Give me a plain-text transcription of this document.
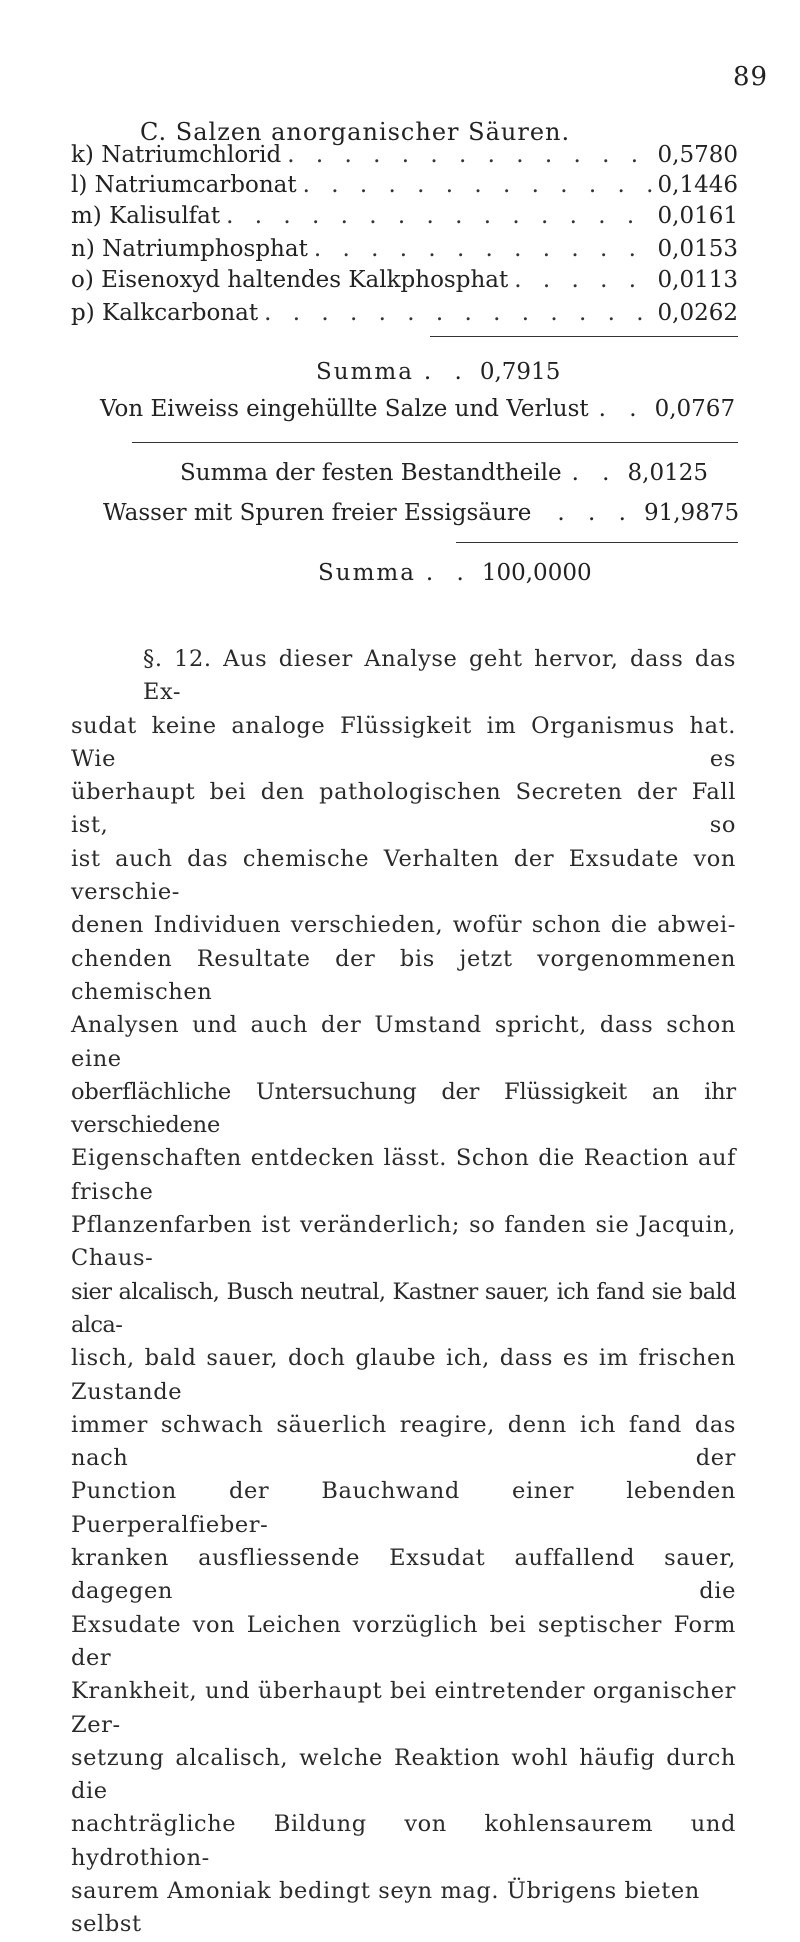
89
C. Salzen anorganischer Säuren.
k) Natriumchlorid . . .	0,5780
l) Natriumcarbonat . . .	0,1446
m) Kalisulfat . . .	0,0161
n) Natriumphosphat . . .	0,0153
o) Eisenoxyd haltendes Kalkphosphat . . .	0,0113
p) Kalkcarbonat . . .	0,0262
Summa . . 0,7915
Von Eiweiss eingehüllte Salze und Verlust . . 0,0767
Summa der festen Bestandtheile . . 8,0125
Wasser mit Spuren freier Essigsäure . . . 91,9875
Summa . . 100,0000
§. 12. Aus dieser Analyse geht hervor, dass das Ex-
sudat keine analoge Flüssigkeit im Organismus hat. Wie es
überhaupt bei den pathologischen Secreten der Fall ist, so
ist auch das chemische Verhalten der Exsudate von verschie-
denen Individuen verschieden, wofür schon die abwei-
chenden Resultate der bis jetzt vorgenommenen chemischen
Analysen und auch der Umstand spricht, dass schon eine
oberflächliche Untersuchung der Flüssigkeit an ihr verschiedene
Eigenschaften entdecken lässt. Schon die Reaction auf frische
Pflanzenfarben ist veränderlich; so fanden sie Jacquin, Chaus-
sier alcalisch, Busch neutral, Kastner sauer, ich fand sie bald alca-
lisch, bald sauer, doch glaube ich, dass es im frischen Zustande
immer schwach säuerlich reagire, denn ich fand das nach der
Punction der Bauchwand einer lebenden Puerperalfieber-
kranken ausfliessende Exsudat auffallend sauer, dagegen die
Exsudate von Leichen vorzüglich bei septischer Form der
Krankheit, und überhaupt bei eintretender organischer Zer-
setzung alcalisch, welche Reaktion wohl häufig durch die
nachträgliche Bildung von kohlensaurem und hydrothion-
saurem Amoniak bedingt seyn mag. Übrigens bieten selbst
